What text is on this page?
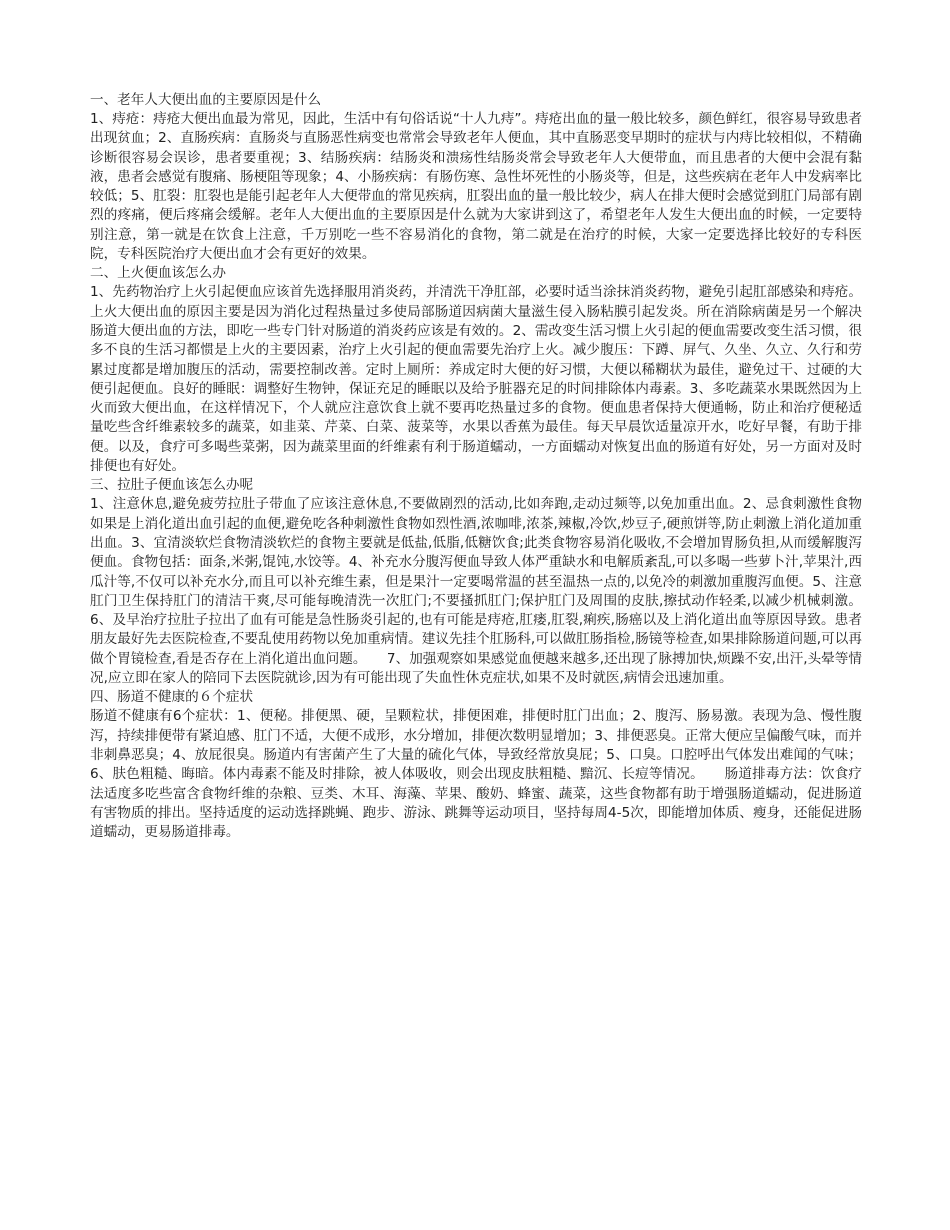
一、老年人大便出血的主要原因是什么
1、痔疮：痔疮大便出血最为常见，因此，生活中有句俗话说“十人九痔”。痔疮出血的量一般比较多，颜色鲜红，很容易导致患者出现贫血；2、直肠疾病：直肠炎与直肠恶性病变也常常会导致老年人便血，其中直肠恶变早期时的症状与内痔比较相似，不精确诊断很容易会误诊，患者要重视；3、结肠疾病：结肠炎和溃疡性结肠炎常会导致老年人大便带血，而且患者的大便中会混有黏液，患者会感觉有腹痛、肠梗阻等现象；4、小肠疾病：有肠伤寒、急性坏死性的小肠炎等，但是，这些疾病在老年人中发病率比较低；5、肛裂：肛裂也是能引起老年人大便带血的常见疾病，肛裂出血的量一般比较少，病人在排大便时会感觉到肛门局部有剧烈的疼痛，便后疼痛会缓解。老年人大便出血的主要原因是什么就为大家讲到这了，希望老年人发生大便出血的时候，一定要特别注意，第一就是在饮食上注意，千万别吃一些不容易消化的食物，第二就是在治疗的时候，大家一定要选择比较好的专科医院，专科医院治疗大便出血才会有更好的效果。
二、上火便血该怎么办
1、先药物治疗上火引起便血应该首先选择服用消炎药，并清洗干净肛部，必要时适当涂抹消炎药物，避免引起肛部感染和痔疮。上火大便出血的原因主要是因为消化过程热量过多使局部肠道因病菌大量滋生侵入肠粘膜引起发炎。所在消除病菌是另一个解决肠道大便出血的方法，即吃一些专门针对肠道的消炎药应该是有效的。2、需改变生活习惯上火引起的便血需要改变生活习惯，很多不良的生活习都惯是上火的主要因素，治疗上火引起的便血需要先治疗上火。减少腹压：下蹲、屏气、久坐、久立、久行和劳累过度都是增加腹压的活动，需要控制改善。定时上厕所：养成定时大便的好习惯，大便以稀糊状为最佳，避免过干、过硬的大便引起便血。良好的睡眠：调整好生物钟，保证充足的睡眠以及给予脏器充足的时间排除体内毒素。3、多吃蔬菜水果既然因为上火而致大便出血，在这样情况下，个人就应注意饮食上就不要再吃热量过多的食物。便血患者保持大便通畅，防止和治疗便秘适量吃些含纤维素较多的蔬菜，如韭菜、芹菜、白菜、菠菜等，水果以香蕉为最佳。每天早晨饮适量凉开水，吃好早餐，有助于排便。以及，食疗可多喝些菜粥，因为蔬菜里面的纤维素有利于肠道蠕动，一方面蠕动对恢复出血的肠道有好处，另一方面对及时排便也有好处。
三、拉肚子便血该怎么办呢
1、注意休息,避免疲劳拉肚子带血了应该注意休息,不要做剧烈的活动,比如奔跑,走动过频等,以免加重出血。2、忌食刺激性食物如果是上消化道出血引起的血便,避免吃各种刺激性食物如烈性酒,浓咖啡,浓茶,辣椒,冷饮,炒豆子,硬煎饼等,防止刺激上消化道加重出血。3、宜清淡软烂食物清淡软烂的食物主要就是低盐,低脂,低糖饮食;此类食物容易消化吸收,不会增加胃肠负担,从而缓解腹泻便血。食物包括：面条,米粥,馄饨,水饺等。4、补充水分腹泻便血导致人体严重缺水和电解质紊乱,可以多喝一些萝卜汁,苹果汁,西瓜汁等,不仅可以补充水分,而且可以补充维生素，但是果汁一定要喝常温的甚至温热一点的,以免冷的刺激加重腹泻血便。5、注意肛门卫生保持肛门的清洁干爽,尽可能每晚清洗一次肛门;不要搔抓肛门;保护肛门及周围的皮肤,擦拭动作轻柔,以减少机械刺激。6、及早治疗拉肚子拉出了血有可能是急性肠炎引起的,也有可能是痔疮,肛瘘,肛裂,痢疾,肠癌以及上消化道出血等原因导致。患者朋友最好先去医院检查,不要乱使用药物以免加重病情。建议先挂个肛肠科,可以做肛肠指检,肠镜等检查,如果排除肠道问题,可以再做个胃镜检查,看是否存在上消化道出血问题。　　7、加强观察如果感觉血便越来越多,还出现了脉搏加快,烦躁不安,出汗,头晕等情况,应立即在家人的陪同下去医院就诊,因为有可能出现了失血性休克症状,如果不及时就医,病情会迅速加重。
四、肠道不健康的６个症状
肠道不健康有6个症状：1、便秘。排便黑、硬，呈颗粒状，排便困难，排便时肛门出血；2、腹泻、肠易激。表现为急、慢性腹泻，持续排便带有紧迫感、肛门不适，大便不成形，水分增加，排便次数明显增加；3、排便恶臭。正常大便应呈偏酸气味，而并非刺鼻恶臭；4、放屁很臭。肠道内有害菌产生了大量的硫化气体，导致经常放臭屁；5、口臭。口腔呼出气体发出难闻的气味；6、肤色粗糙、晦暗。体内毒素不能及时排除，被人体吸收，则会出现皮肤粗糙、黯沉、长痘等情况。　　肠道排毒方法：饮食疗法适度多吃些富含食物纤维的杂粮、豆类、木耳、海藻、苹果、酸奶、蜂蜜、蔬菜，这些食物都有助于增强肠道蠕动，促进肠道有害物质的排出。坚持适度的运动选择跳蝇、跑步、游泳、跳舞等运动项目，坚持每周4-5次，即能增加体质、瘦身，还能促进肠道蠕动，更易肠道排毒。
